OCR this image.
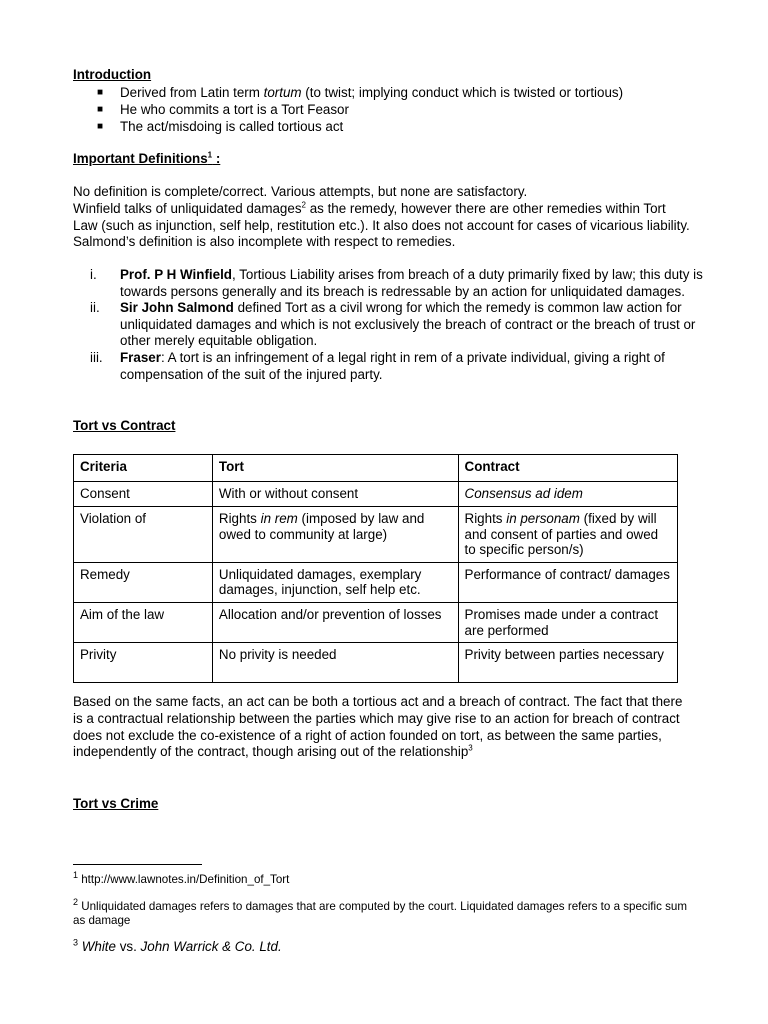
Introduction
■ Derived from Latin term tortum (to twist; implying conduct which is twisted or tortious)
■ He who commits a tort is a Tort Feasor
■ The act/misdoing is called tortious act
Important Definitions$^1$ :

No definition is complete/correct. Various attempts, but none are satisfactory.
Winfield talks of unliquidated damages$^2$ as the remedy, however there are other remedies within Tort Law (such as injunction, self help, restitution etc.). It also does not account for cases of vicarious liability. Salmond’s definition is also incomplete with respect to remedies.

i. Prof. P H Winfield, Tortious Liability arises from breach of a duty primarily fixed by law; this duty is towards persons generally and its breach is redressable by an action for unliquidated damages.
ii. Sir John Salmond defined Tort as a civil wrong for which the remedy is common law action for unliquidated damages and which is not exclusively the breach of contract or the breach of trust or other merely equitable obligation.
iii. Fraser: A tort is an infringement of a legal right in rem of a private individual, giving a right of compensation of the suit of the injured party.
Tort vs Contract
Criteria	Tort	Contract
Consent	With or without consent	Consensus ad idem
Violation of	Rights in rem (imposed by law and owed to community at large)	Rights in personam (fixed by will and consent of parties and owed to specific person/s)
Remedy	Unliquidated damages, exemplary damages, injunction, self help etc.	Performance of contract/ damages
Aim of the law	Allocation and/or prevention of losses	Promises made under a contract are performed
Privity	No privity is needed	Privity between parties necessary

Based on the same facts, an act can be both a tortious act and a breach of contract. The fact that there is a contractual relationship between the parties which may give rise to an action for breach of contract does not exclude the co-existence of a right of action founded on tort, as between the same parties, independently of the contract, though arising out of the relationship$^3$

Tort vs Crime
$^1$ http://www.lawnotes.in/Definition_of_Tort
$^2$ Unliquidated damages refers to damages that are computed by the court. Liquidated damages refers to a specific sum as damage
$^3$ White vs. John Warrick & Co. Ltd.
